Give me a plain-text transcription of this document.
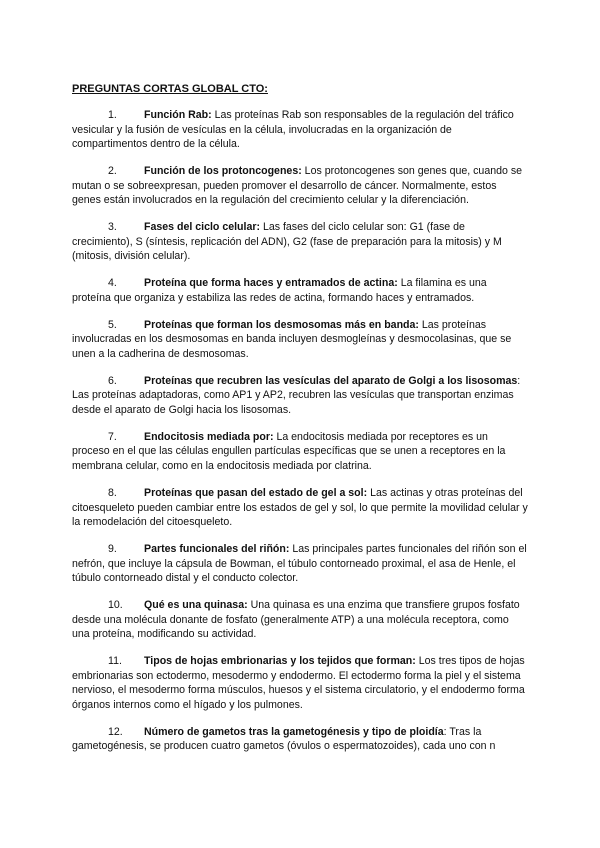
PREGUNTAS CORTAS GLOBAL CTO:
1.	Función Rab: Las proteínas Rab son responsables de la regulación del tráfico vesicular y la fusión de vesículas en la célula, involucradas en la organización de compartimentos dentro de la célula.
2.	Función de los protoncogenes: Los protoncogenes son genes que, cuando se mutan o se sobreexpresan, pueden promover el desarrollo de cáncer. Normalmente, estos genes están involucrados en la regulación del crecimiento celular y la diferenciación.
3.	Fases del ciclo celular: Las fases del ciclo celular son: G1 (fase de crecimiento), S (síntesis, replicación del ADN), G2 (fase de preparación para la mitosis) y M (mitosis, división celular).
4.	Proteína que forma haces y entramados de actina: La filamina es una proteína que organiza y estabiliza las redes de actina, formando haces y entramados.
5.	Proteínas que forman los desmosomas más en banda: Las proteínas involucradas en los desmosomas en banda incluyen desmogleínas y desmocolasinas, que se unen a la cadherina de desmosomas.
6.	Proteínas que recubren las vesículas del aparato de Golgi a los lisosomas: Las proteínas adaptadoras, como AP1 y AP2, recubren las vesículas que transportan enzimas desde el aparato de Golgi hacia los lisosomas.
7.	Endocitosis mediada por: La endocitosis mediada por receptores es un proceso en el que las células engullen partículas específicas que se unen a receptores en la membrana celular, como en la endocitosis mediada por clatrina.
8.	Proteínas que pasan del estado de gel a sol: Las actinas y otras proteínas del citoesqueleto pueden cambiar entre los estados de gel y sol, lo que permite la movilidad celular y la remodelación del citoesqueleto.
9.	Partes funcionales del riñón: Las principales partes funcionales del riñón son el nefrón, que incluye la cápsula de Bowman, el túbulo contorneado proximal, el asa de Henle, el túbulo contorneado distal y el conducto colector.
10. Qué es una quinasa: Una quinasa es una enzima que transfiere grupos fosfato desde una molécula donante de fosfato (generalmente ATP) a una molécula receptora, como una proteína, modificando su actividad.
11. Tipos de hojas embrionarias y los tejidos que forman: Los tres tipos de hojas embrionarias son ectodermo, mesodermo y endodermo. El ectodermo forma la piel y el sistema nervioso, el mesodermo forma músculos, huesos y el sistema circulatorio, y el endodermo forma órganos internos como el hígado y los pulmones.
12. Número de gametos tras la gametogénesis y tipo de ploidía: Tras la gametogénesis, se producen cuatro gametos (óvulos o espermatozoides), cada uno con n
